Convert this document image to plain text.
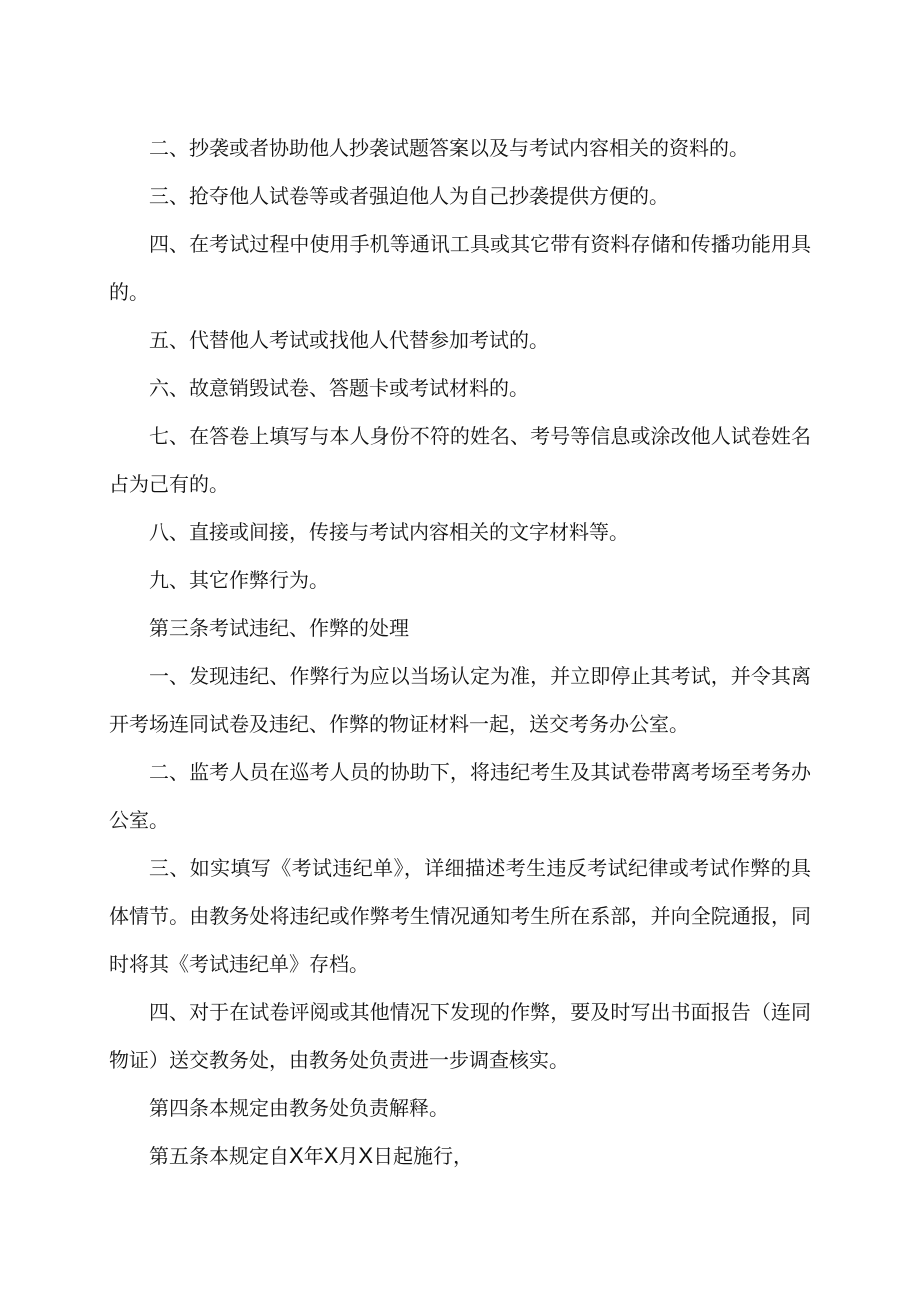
二、抄袭或者协助他人抄袭试题答案以及与考试内容相关的资料的。

三、抢夺他人试卷等或者强迫他人为自己抄袭提供方便的。

四、在考试过程中使用手机等通讯工具或其它带有资料存储和传播功能用具的。

五、代替他人考试或找他人代替参加考试的。

六、故意销毁试卷、答题卡或考试材料的。

七、在答卷上填写与本人身份不符的姓名、考号等信息或涂改他人试卷姓名占为己有的。

八、直接或间接，传接与考试内容相关的文字材料等。

九、其它作弊行为。

第三条考试违纪、作弊的处理

一、发现违纪、作弊行为应以当场认定为准，并立即停止其考试，并令其离开考场连同试卷及违纪、作弊的物证材料一起，送交考务办公室。

二、监考人员在巡考人员的协助下，将违纪考生及其试卷带离考场至考务办公室。

三、如实填写《考试违纪单》，详细描述考生违反考试纪律或考试作弊的具体情节。由教务处将违纪或作弊考生情况通知考生所在系部，并向全院通报，同时将其《考试违纪单》存档。

四、对于在试卷评阅或其他情况下发现的作弊，要及时写出书面报告（连同物证）送交教务处，由教务处负责进一步调查核实。

第四条本规定由教务处负责解释。

第五条本规定自X年X月X日起施行，
